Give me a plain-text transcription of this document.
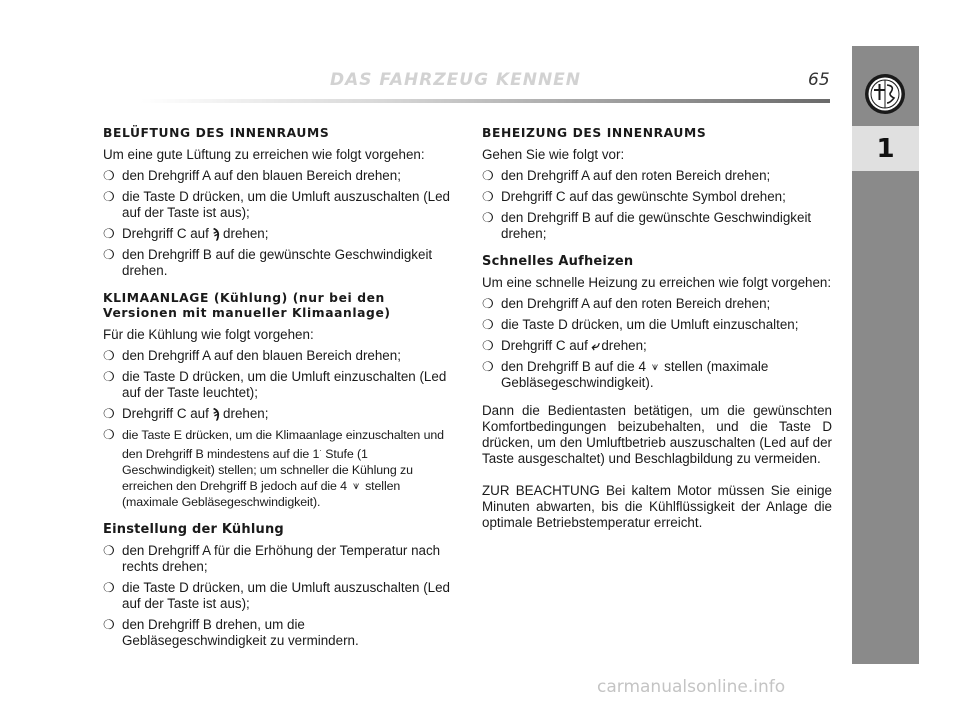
DAS FAHRZEUG KENNEN	65
1
BELÜFTUNG DES INNENRAUMS

Um eine gute Lüftung zu erreichen wie folgt vorgehen:

❍ den Drehgriff A auf den blauen Bereich drehen;
❍ die Taste D drücken, um die Umluft auszuschalten (Led auf der Taste ist aus);
❍ Drehgriff C auf ϡ drehen;
❍ den Drehgriff B auf die gewünschte Geschwindigkeit drehen.
KLIMAANLAGE (Kühlung) (nur bei den Versionen mit manueller Klimaanlage)

Für die Kühlung wie folgt vorgehen:

❍ den Drehgriff A auf den blauen Bereich drehen;
❍ die Taste D drücken, um die Umluft einzuschalten (Led auf der Taste leuchtet);
❍ Drehgriff C auf ϡ drehen;
❍ die Taste E drücken, um die Klimaanlage einzuschalten und den Drehgriff B mindestens auf die 1· Stufe (1 Geschwindigkeit) stellen; um schneller die Kühlung zu erreichen den Drehgriff B jedoch auf die 4 ⩛ stellen (maximale Gebläsegeschwindigkeit).
Einstellung der Kühlung
❍ den Drehgriff A für die Erhöhung der Temperatur nach rechts drehen;
❍ die Taste D drücken, um die Umluft auszuschalten (Led auf der Taste ist aus);
❍ den Drehgriff B drehen, um die Gebläsegeschwindigkeit zu vermindern.
BEHEIZUNG DES INNENRAUMS

Gehen Sie wie folgt vor:

❍ den Drehgriff A auf den roten Bereich drehen;
❍ Drehgriff C auf das gewünschte Symbol drehen;
❍ den Drehgriff B auf die gewünschte Geschwindigkeit drehen;
Schnelles Aufheizen

Um eine schnelle Heizung zu erreichen wie folgt vorgehen:

❍ den Drehgriff A auf den roten Bereich drehen;
❍ die Taste D drücken, um die Umluft einzuschalten;
❍ Drehgriff C auf ⤶ drehen;
❍ den Drehgriff B auf die 4 ⩛ stellen (maximale Gebläsegeschwindigkeit).

Dann die Bedientasten betätigen, um die gewünschten Komfortbedingungen beizubehalten, und die Taste D drücken, um den Umluftbetrieb auszuschalten (Led auf der Taste ausgeschaltet) und Beschlagbildung zu vermeiden.

ZUR BEACHTUNG Bei kaltem Motor müssen Sie einige Minuten abwarten, bis die Kühlflüssigkeit der Anlage die optimale Betriebstemperatur erreicht.

carmanualsonline.info
